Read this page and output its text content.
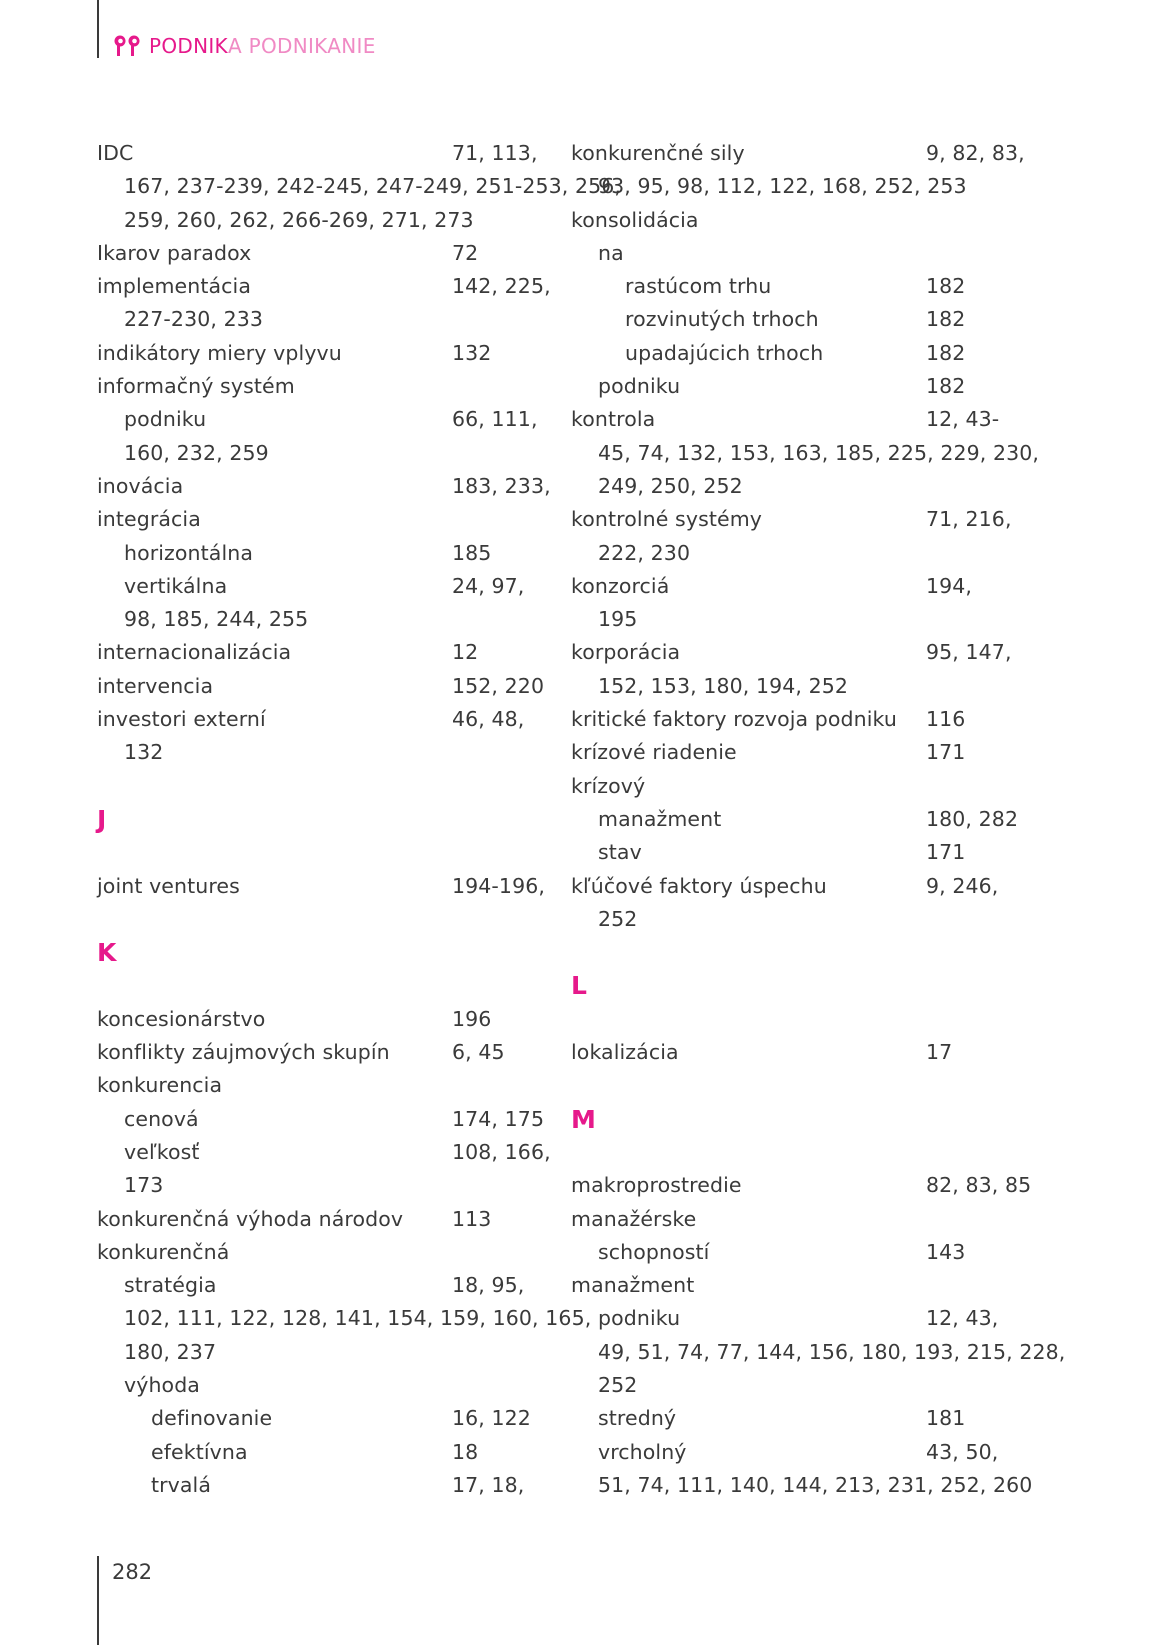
PODNIK A PODNIKANIE
IDC	71, 113,
167, 237-239, 242-245, 247-249, 251-253, 256,
259, 260, 262, 266-269, 271, 273
Ikarov paradox	72
implementácia	142, 225,
227-230, 233
indikátory miery vplyvu	132
informačný systém
podniku	66, 111,
160, 232, 259
inovácia	183, 233,
integrácia
horizontálna	185
vertikálna	24, 97,
98, 185, 244, 255
internacionalizácia	12
intervencia	152, 220
investori externí	46, 48,
132
J
joint ventures	194-196,
K
koncesionárstvo	196
konflikty záujmových skupín	6, 45
konkurencia
cenová	174, 175
veľkosť	108, 166,
173
konkurenčná výhoda národov 113
konkurenčná
stratégia	18, 95,
102, 111, 122, 128, 141, 154, 159, 160, 165,
180, 237
výhoda
definovanie	16, 122
efektívna	18
trvalá	17, 18,
konkurenčné sily	9, 82, 83,
93, 95, 98, 112, 122, 168, 252, 253
konsolidácia
na
rastúcom trhu	182
rozvinutých trhoch	182
upadajúcich trhoch	182
podniku	182
kontrola	12, 43-
45, 74, 132, 153, 163, 185, 225, 229, 230,
249, 250, 252
kontrolné systémy	71, 216,
222, 230
konzorciá	194,
195
korporácia	95, 147,
152, 153, 180, 194, 252
kritické faktory rozvoja podniku 116
krízové riadenie	171
krízový
manažment	180, 282
stav	171
kľúčové faktory úspechu	9, 246,
252
L
lokalizácia	17
M
makroprostredie	82, 83, 85
manažérske
schopností	143
manažment
podniku	12, 43,
49, 51, 74, 77, 144, 156, 180, 193, 215, 228,
252
stredný	181
vrcholný	43, 50,
51, 74, 111, 140, 144, 213, 231, 252, 260
282
